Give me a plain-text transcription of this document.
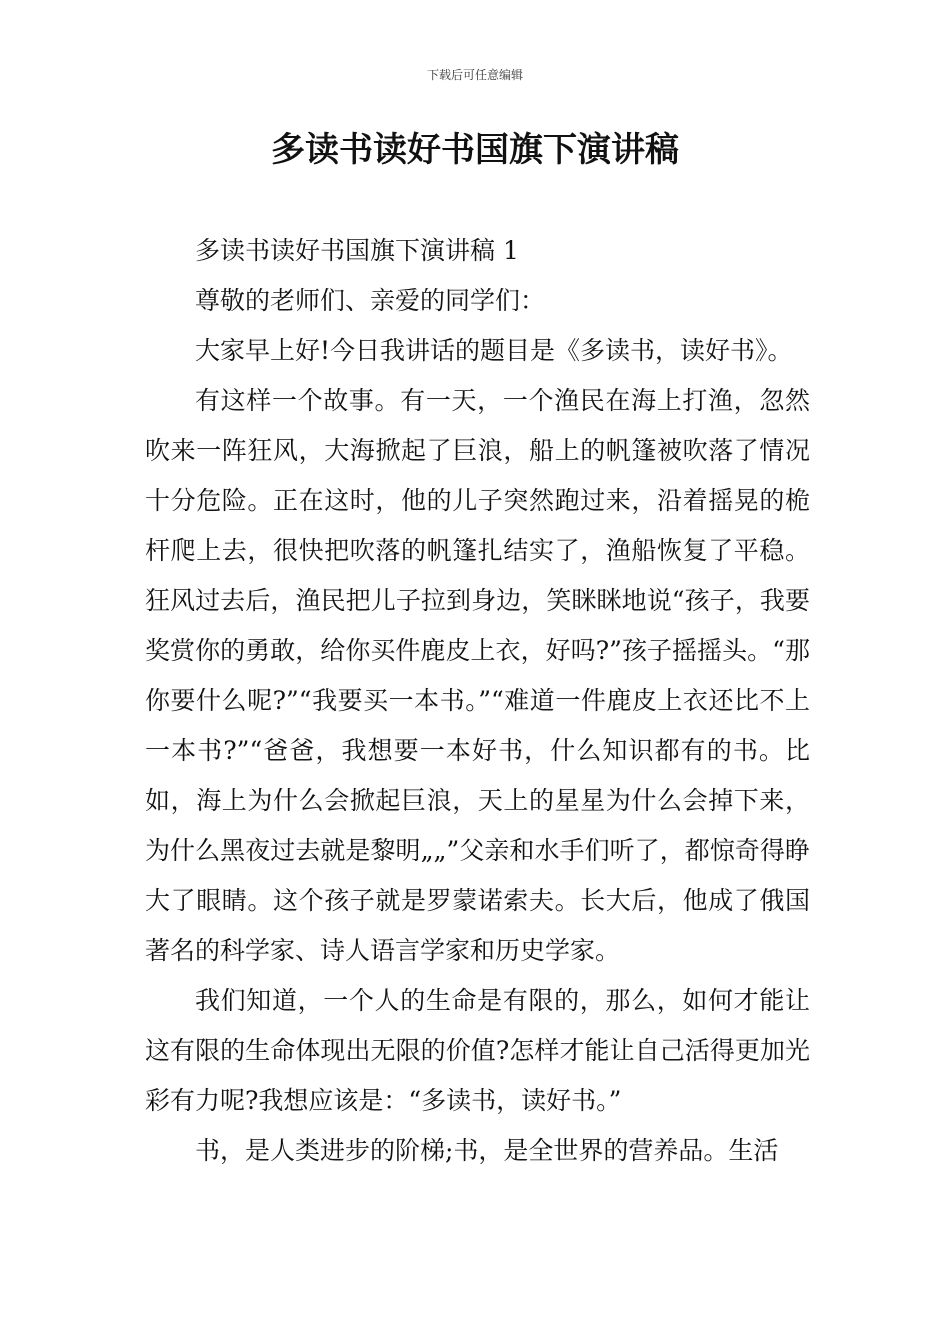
下载后可任意编辑
多读书读好书国旗下演讲稿

多读书读好书国旗下演讲稿 1

尊敬的老师们、亲爱的同学们：

大家早上好!今日我讲话的题目是《多读书，读好书》。

有这样一个故事。有一天，一个渔民在海上打渔，忽然吹来一阵狂风，大海掀起了巨浪，船上的帆篷被吹落了情况十分危险。正在这时，他的儿子突然跑过来，沿着摇晃的桅杆爬上去，很快把吹落的帆篷扎结实了，渔船恢复了平稳。狂风过去后，渔民把儿子拉到身边，笑眯眯地说“孩子，我要奖赏你的勇敢，给你买件鹿皮上衣，好吗?”孩子摇摇头。“那你要什么呢?”“我要买一本书。”“难道一件鹿皮上衣还比不上一本书?”“爸爸，我想要一本好书，什么知识都有的书。比如，海上为什么会掀起巨浪，天上的星星为什么会掉下来，为什么黑夜过去就是黎明„„”父亲和水手们听了，都惊奇得睁大了眼睛。这个孩子就是罗蒙诺索夫。长大后，他成了俄国著名的科学家、诗人语言学家和历史学家。

我们知道，一个人的生命是有限的，那么，如何才能让这有限的生命体现出无限的价值?怎样才能让自己活得更加光彩有力呢?我想应该是：“多读书，读好书。”

书，是人类进步的阶梯;书，是全世界的营养品。生活
